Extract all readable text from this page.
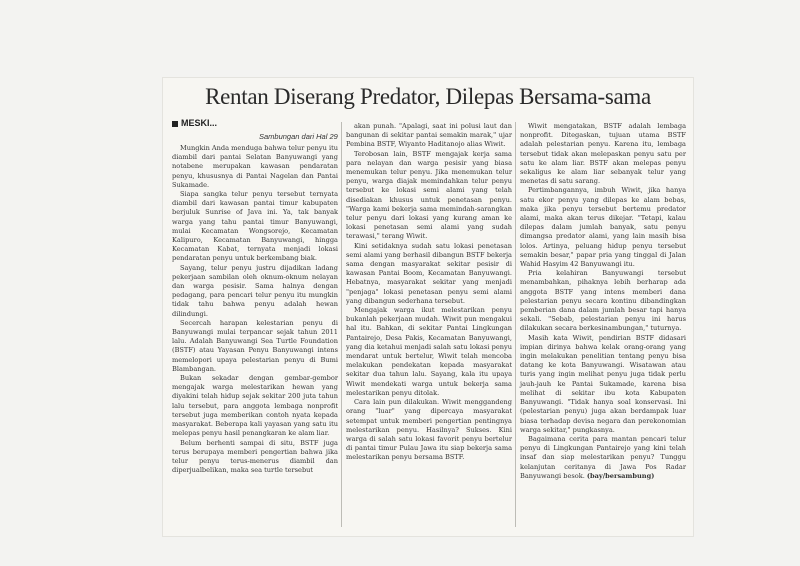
Rentan Diserang Predator, Dilepas Bersama-sama
MESKI...
Sambungan dari Hal 29

Mungkin Anda menduga bahwa telur penyu itu diambil dari pantai Selatan Banyuwangi yang notabene merupakan kawasan pendaratan penyu, khususnya di Pantai Nagelan dan Pantai Sukamade.

Siapa sangka telur penyu tersebut ternyata diambil dari kawasan pantai timur kabupaten berjuluk Sunrise of Java ini. Ya, tak banyak warga yang tahu pantai timur Banyuwangi, mulai Kecamatan Wongsorejo, Kecamatan Kalipuro, Kecamatan Banyuwangi, hingga Kecamatan Kabat, ternyata menjadi lokasi pendaratan penyu untuk berkembang biak.

Sayang, telur penyu justru dijadikan ladang pekerjaan sambilan oleh oknum-oknum nelayan dan warga pesisir. Sama halnya dengan pedagang, para pencari telur penyu itu mungkin tidak tahu bahwa penyu adalah hewan dilindungi.

Secercah harapan kelestarian penyu di Banyuwangi mulai terpancar sejak tahun 2011 lalu. Adalah Banyuwangi Sea Turtle Foundation (BSTF) atau Yayasan Penyu Banyuwangi intens memelopori upaya pelestarian penyu di Bumi Blambangan.

Bukan sekadar dengan gembar-gembor mengajak warga melestarikan hewan yang diyakini telah hidup sejak sekitar 200 juta tahun lalu tersebut, para anggota lembaga nonprofit tersebut juga memberikan contoh nyata kepada masyarakat. Beberapa kali yayasan yang satu itu melepas penyu hasil penangkaran ke alam liar.

Belum berhenti sampai di situ, BSTF juga terus berupaya memberi pengertian bahwa jika telur penyu terus-menerus diambil dan diperjualbelikan, maka sea turtle tersebut

akan punah. "Apalagi, saat ini polusi laut dan bangunan di sekitar pantai semakin marak," ujar Pembina BSTF, Wiyanto Haditanojo alias Wiwit.

Terobosan lain, BSTF mengajak kerja sama para nelayan dan warga pesisir yang biasa menemukan telur penyu. Jika menemukan telur penyu, warga diajak memindahkan telur penyu tersebut ke lokasi semi alami yang telah disediakan khusus untuk penetasan penyu. "Warga kami bekerja sama memindah-sarangkan telur penyu dari lokasi yang kurang aman ke lokasi penetasan semi alami yang sudah terawasi," terang Wiwit.

Kini setidaknya sudah satu lokasi penetasan semi alami yang berhasil dibangun BSTF bekerja sama dengan masyarakat sekitar pesisir di kawasan Pantai Boom, Kecamatan Banyuwangi. Hebatnya, masyarakat sekitar yang menjadi "penjaga" lokasi penetasan penyu semi alami yang dibangun sederhana tersebut.

Mengajak warga ikut melestarikan penyu bukanlah pekerjaan mudah. Wiwit pun mengakui hal itu. Bahkan, di sekitar Pantai Lingkungan Pantairejo, Desa Pakis, Kecamatan Banyuwangi, yang dia ketahui menjadi salah satu lokasi penyu mendarat untuk bertelur, Wiwit telah mencoba melakukan pendekatan kepada masyarakat sekitar dua tahun lalu. Sayang, kala itu upaya Wiwit mendekati warga untuk bekerja sama melestarikan penyu ditolak.

Cara lain pun dilakukan. Wiwit menggandeng orang "luar" yang dipercaya masyarakat setempat untuk memberi pengertian pentingnya melestarikan penyu. Hasilnya? Sukses. Kini warga di salah satu lokasi favorit penyu bertelur di pantai timur Pulau Jawa itu siap bekerja sama melestarikan penyu bersama BSTF.

Wiwit mengatakan, BSTF adalah lembaga nonprofit. Ditegaskan, tujuan utama BSTF adalah pelestarian penyu. Karena itu, lembaga tersebut tidak akan melepaskan penyu satu per satu ke alam liar. BSTF akan melepas penyu sekaligus ke alam liar sebanyak telur yang menetas di satu sarang.

Pertimbangannya, imbuh Wiwit, jika hanya satu ekor penyu yang dilepas ke alam bebas, maka jika penyu tersebut bertemu predator alami, maka akan terus dikejar. "Tetapi, kalau dilepas dalam jumlah banyak, satu penyu dimangsa predator alami, yang lain masih bisa lolos. Artinya, peluang hidup penyu tersebut semakin besar," papar pria yang tinggal di Jalan Wahid Hasyim 42 Banyuwangi itu.

Pria kelahiran Banyuwangi tersebut menambahkan, pihaknya lebih berharap ada anggota BSTF yang intens memberi dana pelestarian penyu secara kontinu dibandingkan pemberian dana dalam jumlah besar tapi hanya sekali. "Sebab, pelestarian penyu ini harus dilakukan secara berkesinambungan," tuturnya.

Masih kata Wiwit, pendirian BSTF didasari impian dirinya bahwa kelak orang-orang yang ingin melakukan penelitian tentang penyu bisa datang ke kota Banyuwangi. Wisatawan atau turis yang ingin melihat penyu juga tidak perlu jauh-jauh ke Pantai Sukamade, karena bisa melihat di sekitar ibu kota Kabupaten Banyuwangi. "Tidak hanya soal konservasi. Ini (pelestarian penyu) juga akan berdampak luar biasa terhadap devisa negara dan perekonomian warga sekitar," pungkasnya.

Bagaimana cerita para mantan pencari telur penyu di Lingkungan Pantairejo yang kini telah insaf dan siap melestarikan penyu? Tunggu kelanjutan ceritanya di Jawa Pos Radar Banyuwangi besok. (bay/bersambung)
